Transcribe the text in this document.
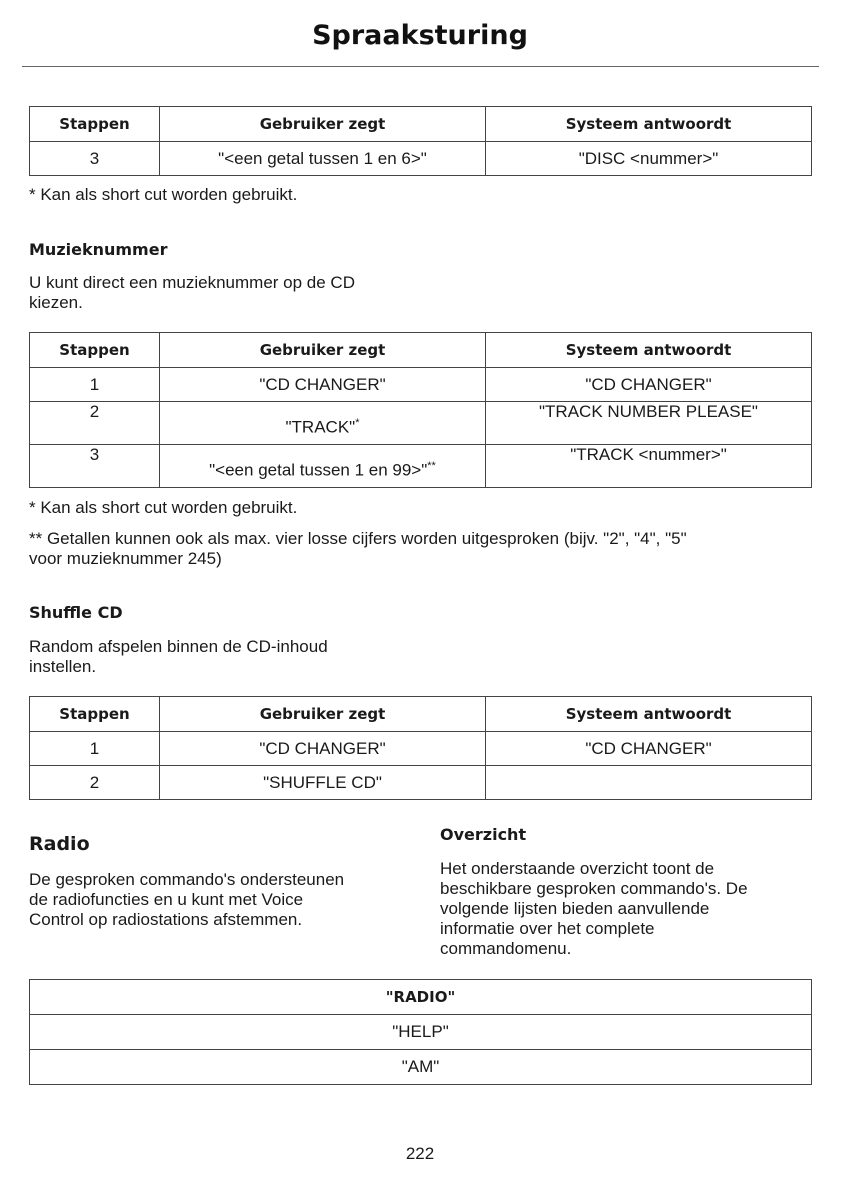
Spraaksturing
Stappen	Gebruiker zegt	Systeem antwoordt
3	"<een getal tussen 1 en 6>"	"DISC <nummer>"
* Kan als short cut worden gebruikt.
Muzieknummer
U kunt direct een muzieknummer op de CD
kiezen.
Stappen	Gebruiker zegt	Systeem antwoordt
1	"CD CHANGER"	"CD CHANGER"
2	"TRACK"*	"TRACK NUMBER PLEASE"
3	"<een getal tussen 1 en 99>"**	"TRACK <nummer>"
* Kan als short cut worden gebruikt.
** Getallen kunnen ook als max. vier losse cijfers worden uitgesproken (bijv. "2", "4", "5"
voor muzieknummer 245)
Shuffle CD
Random afspelen binnen de CD-inhoud
instellen.
Stappen	Gebruiker zegt	Systeem antwoordt
1	"CD CHANGER"	"CD CHANGER"
2	"SHUFFLE CD"	
Radio
De gesproken commando's ondersteunen
de radiofuncties en u kunt met Voice
Control op radiostations afstemmen.
Overzicht
Het onderstaande overzicht toont de
beschikbare gesproken commando's. De
volgende lijsten bieden aanvullende
informatie over het complete
commandomenu.
"RADIO"
"HELP"
"AM"
222
